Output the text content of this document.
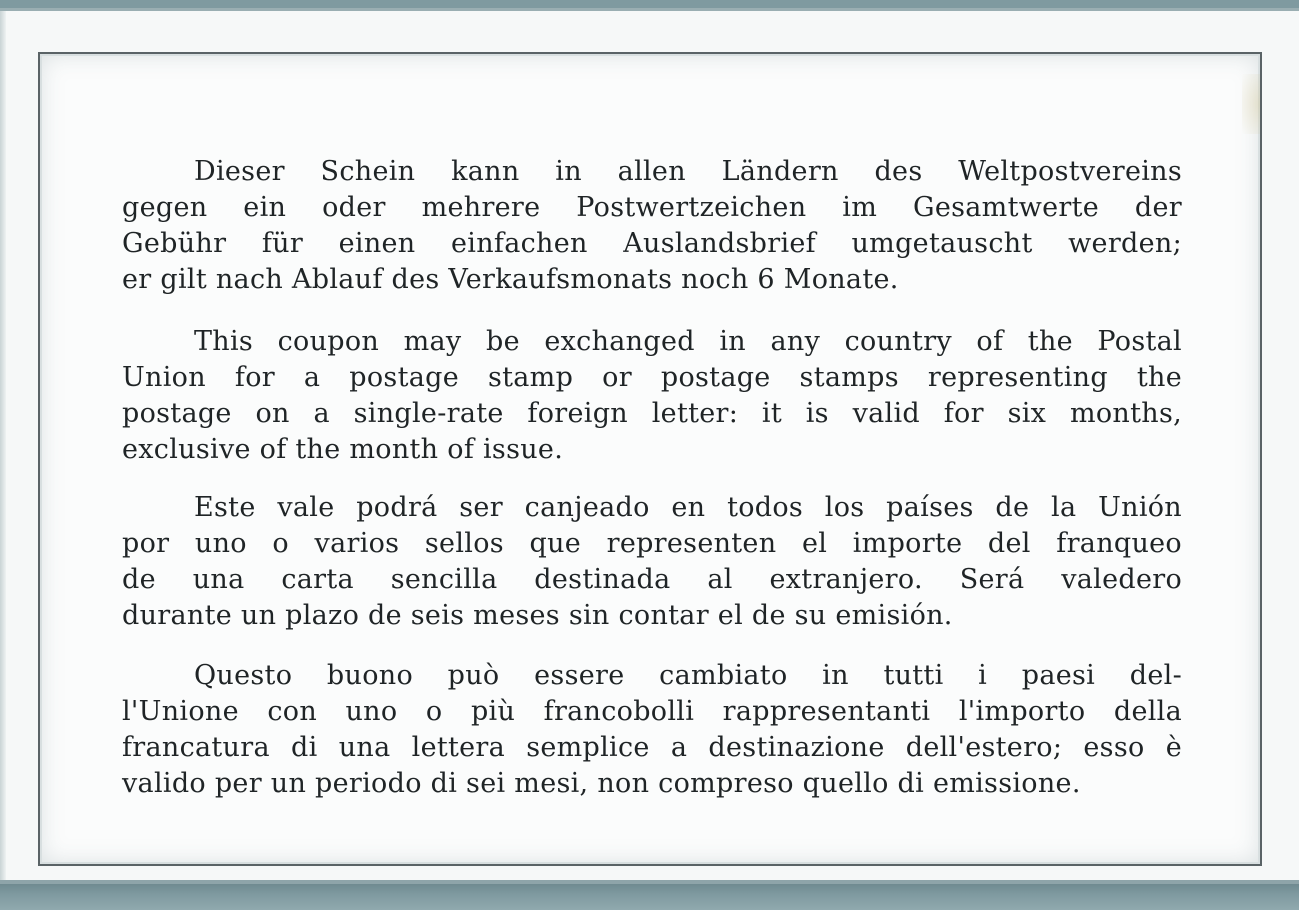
Dieser Schein kann in allen Ländern des Weltpostvereins
gegen ein oder mehrere Postwertzeichen im Gesamtwerte der
Gebühr für einen einfachen Auslandsbrief umgetauscht werden;
er gilt nach Ablauf des Verkaufsmonats noch 6 Monate.

This coupon may be exchanged in any country of the Postal
Union for a postage stamp or postage stamps representing the
postage on a single-rate foreign letter: it is valid for six months,
exclusive of the month of issue.

Este vale podrá ser canjeado en todos los países de la Unión
por uno o varios sellos que representen el importe del franqueo
de una carta sencilla destinada al extranjero. Será valedero
durante un plazo de seis meses sin contar el de su emisión.

Questo buono può essere cambiato in tutti i paesi del-
l'Unione con uno o più francobolli rappresentanti l'importo della
francatura di una lettera semplice a destinazione dell'estero; esso è
valido per un periodo di sei mesi, non compreso quello di emissione.
